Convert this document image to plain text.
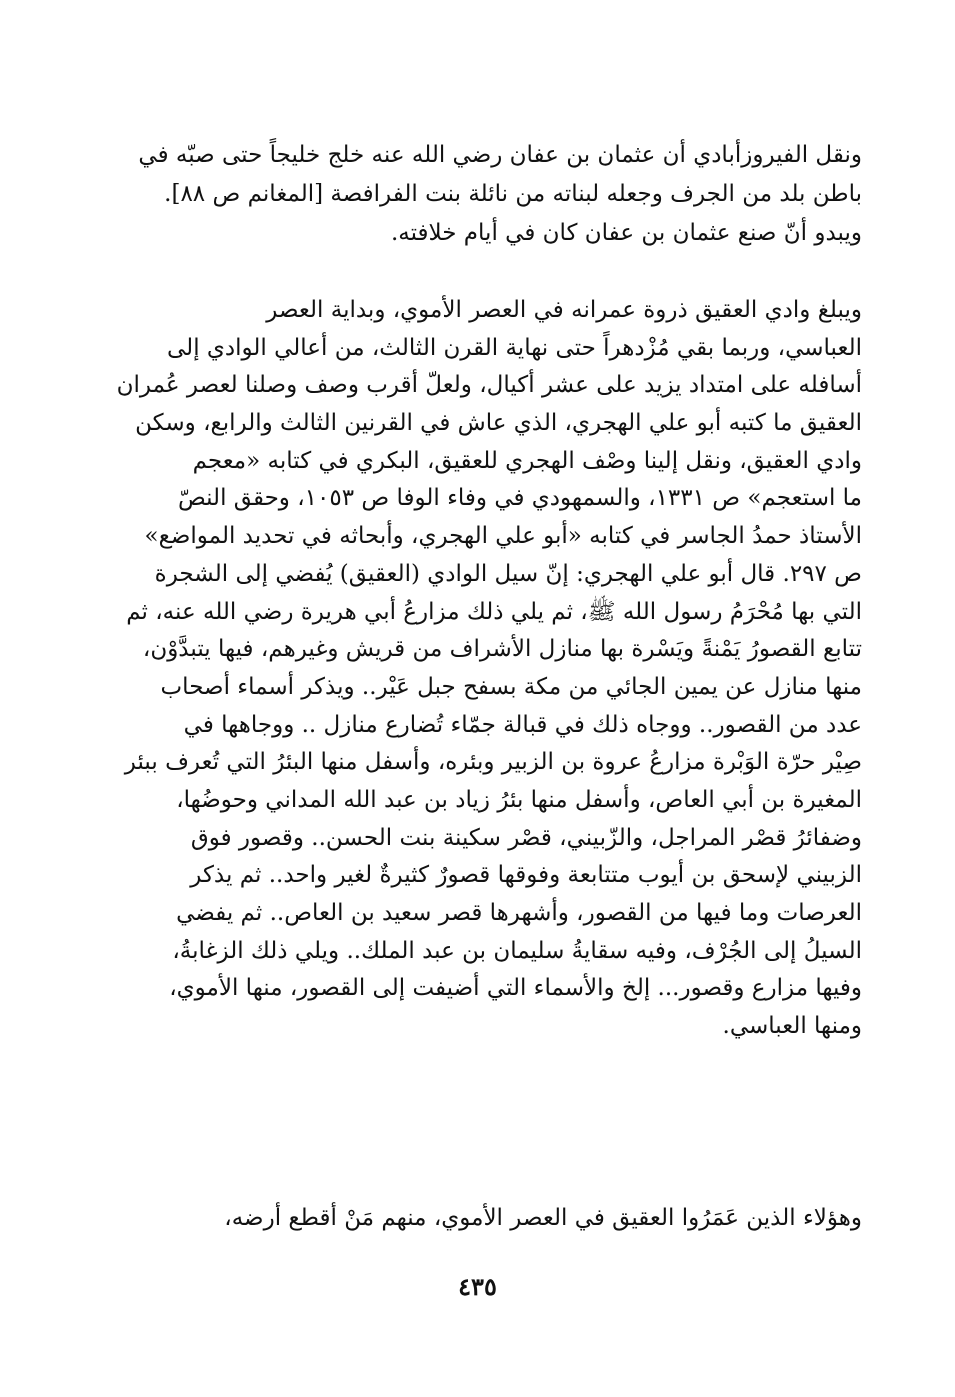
ونقل الفيروزأبادي أن عثمان بن عفان رضي الله عنه خلج خليجاً حتى صبّه في
باطن بلد من الجرف وجعله لبناته من نائلة بنت الفرافصة [المغانم ص ٨٨].
ويبدو أنّ صنع عثمان بن عفان كان في أيام خلافته.
ويبلغ وادي العقيق ذروة عمرانه في العصر الأموي، وبداية العصر
العباسي، وربما بقي مُزْدهراً حتى نهاية القرن الثالث، من أعالي الوادي إلى
أسافله على امتداد يزيد على عشر أكيال، ولعلّ أقرب وصف وصلنا لعصر عُمران
العقيق ما كتبه أبو علي الهجري، الذي عاش في القرنين الثالث والرابع، وسكن
وادي العقيق، ونقل إلينا وصْف الهجري للعقيق، البكري في كتابه «معجم
ما استعجم» ص ١٣٣١، والسمهودي في وفاء الوفا ص ١٠٥٣، وحقق النصّ
الأستاذ حمدُ الجاسر في كتابه «أبو علي الهجري، وأبحاثه في تحديد المواضع»
ص ٢٩٧. قال أبو علي الهجري: إنّ سيل الوادي (العقيق) يُفضي إلى الشجرة
التي بها مُحْرَمُ رسول الله ﷺ، ثم يلي ذلك مزارعُ أبي هريرة رضي الله عنه، ثم
تتابع القصورُ يَمْنةً ويَسْرة بها منازل الأشراف من قريش وغيرهم، فيها يتبدَّوْن،
منها منازل عن يمين الجائي من مكة بسفح جبل عَيْر.. ويذكر أسماء أصحاب
عدد من القصور.. ووجاه ذلك في قبالة جمّاء تُضارع منازل .. ووجاهها في
صِيْر حرّة الوَبْرة مزارعُ عروة بن الزبير وبئره، وأسفل منها البئرُ التي تُعرف ببئر
المغيرة بن أبي العاص، وأسفل منها بئرُ زياد بن عبد الله المداني وحوضُها،
وضفائرُ قصْر المراجل، والزّبيني، قصْر سكينة بنت الحسن.. وقصور فوق
الزبيني لإسحق بن أيوب متتابعة وفوقها قصورٌ كثيرةٌ لغير واحد.. ثم يذكر
العرصات وما فيها من القصور، وأشهرها قصر سعيد بن العاص.. ثم يفضي
السيلُ إلى الجُرْف، وفيه سقايةُ سليمان بن عبد الملك.. ويلي ذلك الزغابةُ،
وفيها مزارع وقصور... إلخ والأسماء التي أضيفت إلى القصور، منها الأموي،
ومنها العباسي.
وهؤلاء الذين عَمَرُوا العقيق في العصر الأموي، منهم مَنْ أقطع أرضه،
٤٣٥
